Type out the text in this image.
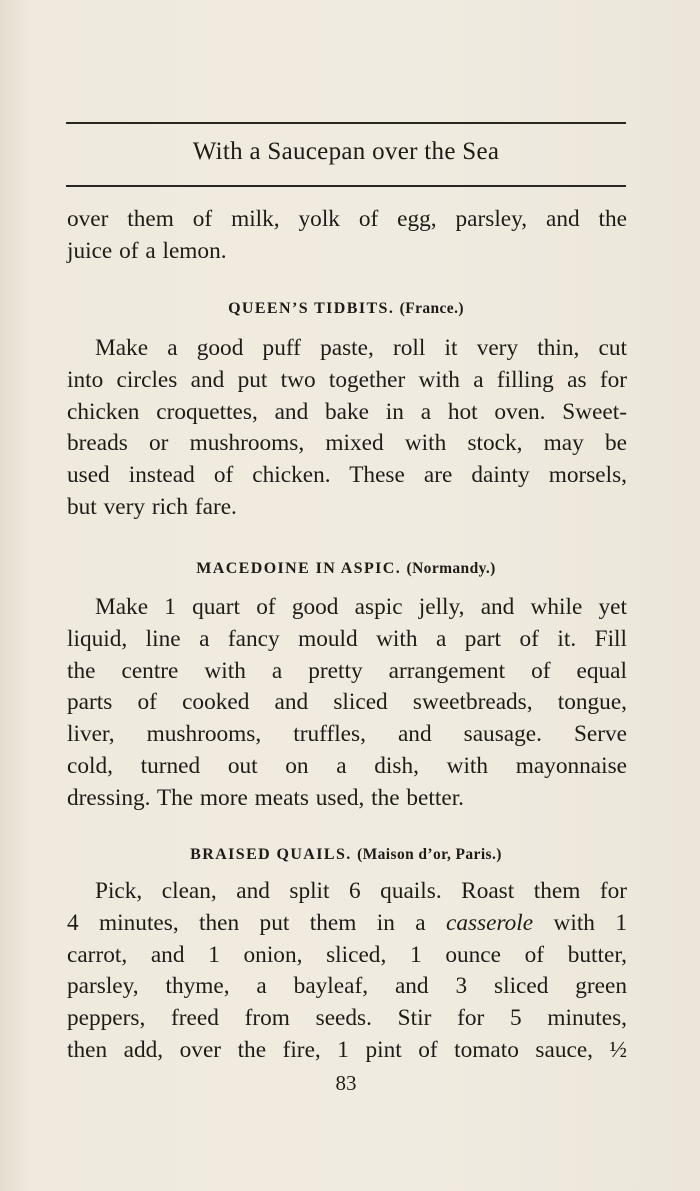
With a Saucepan over the Sea
over them of milk, yolk of egg, parsley, and the
juice of a lemon.
QUEEN’S TIDBITS. (France.)
Make a good puff paste, roll it very thin, cut
into circles and put two together with a filling as for
chicken croquettes, and bake in a hot oven. Sweet-
breads or mushrooms, mixed with stock, may be
used instead of chicken. These are dainty morsels,
but very rich fare.
MACEDOINE IN ASPIC. (Normandy.)
Make 1 quart of good aspic jelly, and while yet
liquid, line a fancy mould with a part of it. Fill
the centre with a pretty arrangement of equal
parts of cooked and sliced sweetbreads, tongue,
liver, mushrooms, truffles, and sausage. Serve
cold, turned out on a dish, with mayonnaise
dressing. The more meats used, the better.
BRAISED QUAILS. (Maison d’or, Paris.)
Pick, clean, and split 6 quails. Roast them for
4 minutes, then put them in a casserole with 1
carrot, and 1 onion, sliced, 1 ounce of butter,
parsley, thyme, a bayleaf, and 3 sliced green
peppers, freed from seeds. Stir for 5 minutes,
then add, over the fire, 1 pint of tomato sauce, ½
83
